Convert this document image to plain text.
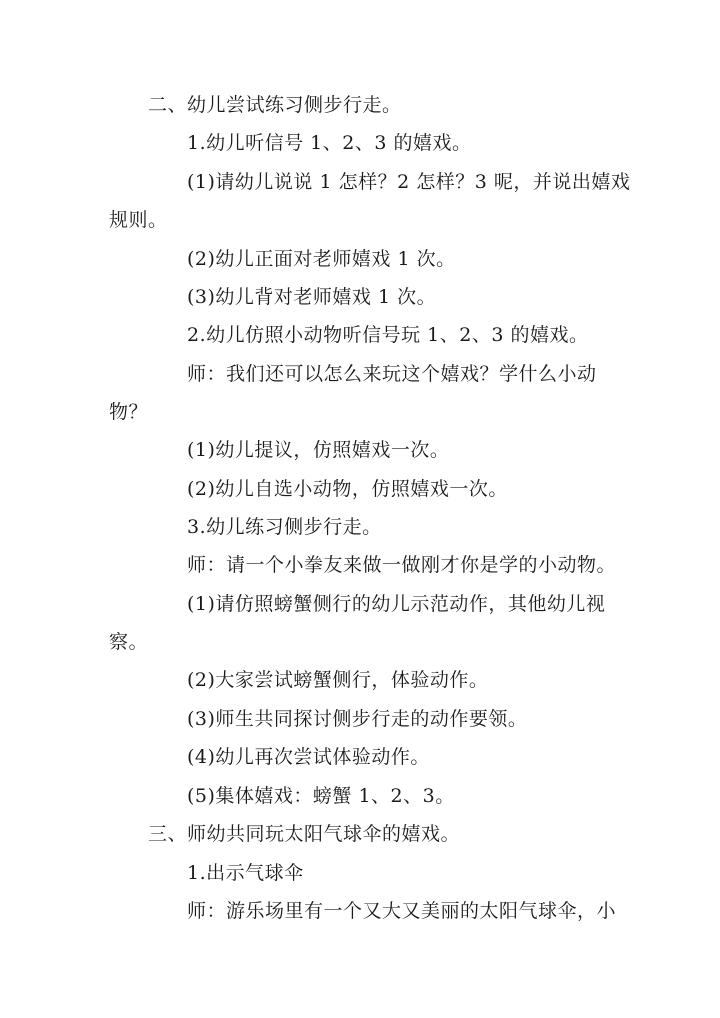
二、幼儿尝试练习侧步行走。
1.幼儿听信号 1、2、3 的嬉戏。
(1)请幼儿说说 1 怎样？2 怎样？3 呢，并说出嬉戏
规则。
(2)幼儿正面对老师嬉戏 1 次。
(3)幼儿背对老师嬉戏 1 次。
2.幼儿仿照小动物听信号玩 1、2、3 的嬉戏。
师：我们还可以怎么来玩这个嬉戏？学什么小动
物？
(1)幼儿提议，仿照嬉戏一次。
(2)幼儿自选小动物，仿照嬉戏一次。
3.幼儿练习侧步行走。
师：请一个小拳友来做一做刚才你是学的小动物。
(1)请仿照螃蟹侧行的幼儿示范动作，其他幼儿视
察。
(2)大家尝试螃蟹侧行，体验动作。
(3)师生共同探讨侧步行走的动作要领。
(4)幼儿再次尝试体验动作。
(5)集体嬉戏：螃蟹 1、2、3。
三、师幼共同玩太阳气球伞的嬉戏。
1.出示气球伞
师：游乐场里有一个又大又美丽的太阳气球伞，小
